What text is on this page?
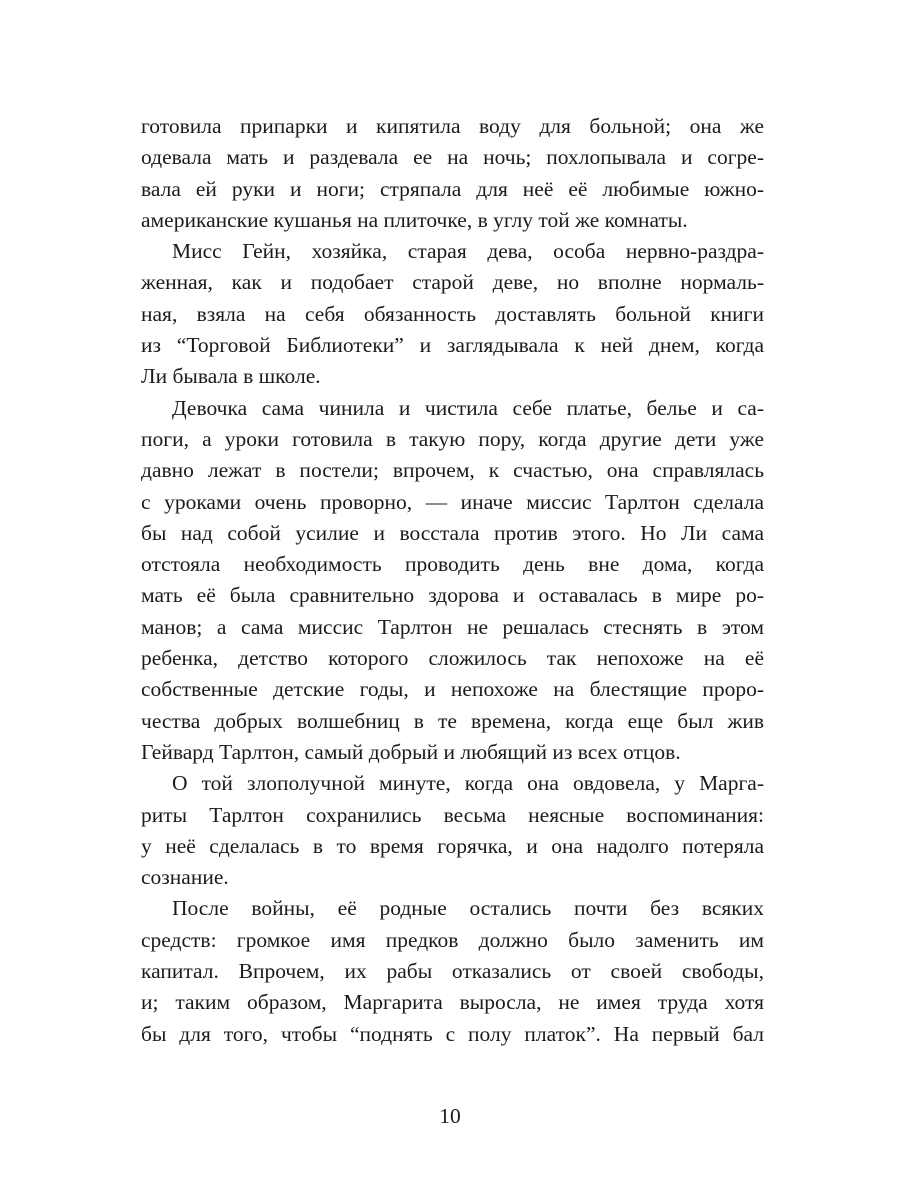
готовила припарки и кипятила воду для больной; она же
одевала мать и раздевала ее на ночь; похлопывала и согре-
вала ей руки и ноги; стряпала для неё её любимые южно-
американские кушанья на плиточке, в углу той же комнаты.
Мисс Гейн, хозяйка, старая дева, особа нервно-раздра-
женная, как и подобает старой деве, но вполне нормаль-
ная, взяла на себя обязанность доставлять больной книги
из “Торговой Библиотеки” и заглядывала к ней днем, когда
Ли бывала в школе.
Девочка сама чинила и чистила себе платье, белье и са-
поги, а уроки готовила в такую пору, когда другие дети уже
давно лежат в постели; впрочем, к счастью, она справлялась
с уроками очень проворно, — иначе миссис Тарлтон сделала
бы над собой усилие и восстала против этого. Но Ли сама
отстояла необходимость проводить день вне дома, когда
мать её была сравнительно здорова и оставалась в мире ро-
манов; а сама миссис Тарлтон не решалась стеснять в этом
ребенка, детство которого сложилось так непохоже на её
собственные детские годы, и непохоже на блестящие проро-
чества добрых волшебниц в те времена, когда еще был жив
Гейвард Тарлтон, самый добрый и любящий из всех отцов.
О той злополучной минуте, когда она овдовела, у Марга-
риты Тарлтон сохранились весьма неясные воспоминания:
у неё сделалась в то время горячка, и она надолго потеряла
сознание.
После войны, её родные остались почти без всяких
средств: громкое имя предков должно было заменить им
капитал. Впрочем, их рабы отказались от своей свободы,
и; таким образом, Маргарита выросла, не имея труда хотя
бы для того, чтобы “поднять с полу платок”. На первый бал
10
